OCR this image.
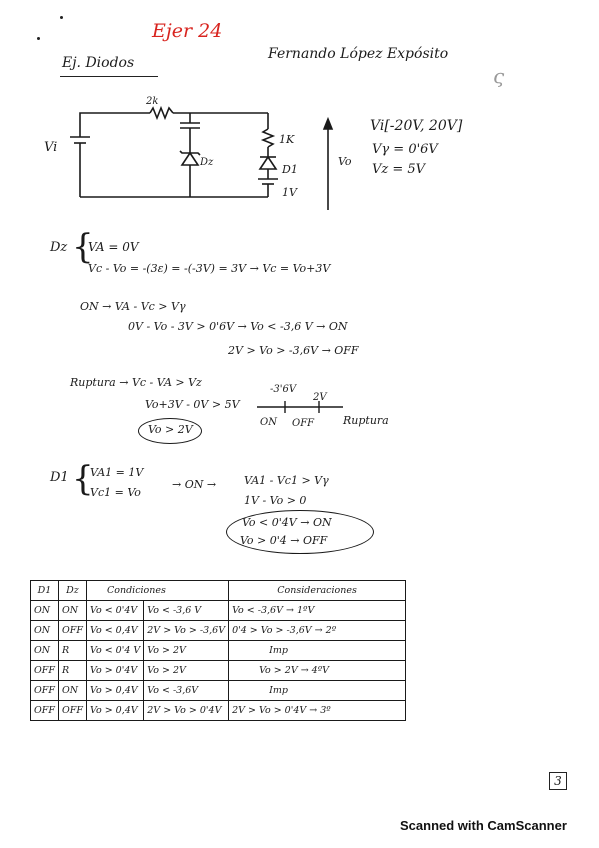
Ejer 24
Ej. Diodos
Fernando López Expósito
ς
2k
Vi
Dz
1K
D1
1V
Vo
Vi[-20V, 20V]
Vγ = 0'6V
Vz = 5V
Dz {
VA = 0V
Vc - Vo = -(3ε) = -(-3V) = 3V → Vc = Vo+3V
ON → VA - Vc > Vγ
0V - Vo - 3V > 0'6V → Vo < -3,6 V → ON
2V > Vo > -3,6V → OFF
Ruptura → Vc - VA > Vz
Vo+3V - 0V > 5V
Vo > 2V
-3'6V
2V
ON OFF	Ruptura
D1 {
VA1 = 1V
Vc1 = Vo
→ ON →	VA1 - Vc1 > Vγ
1V - Vo > 0
Vo < 0'4V → ON
Vo > 0'4 → OFF
D1	Dz	Condiciones		Consideraciones
ON	ON	Vo < 0'4V	Vo < -3,6 V	Vo < -3,6V → 1ºV
ON	OFF	Vo < 0,4V	2V > Vo > -3,6V	0'4 > Vo > -3,6V → 2º
ON	R	Vo < 0'4 V	Vo > 2V	Imp
OFF	R	Vo > 0'4V	Vo > 2V	Vo > 2V → 4ºV
OFF	ON	Vo > 0,4V	Vo < -3,6V	Imp
OFF	OFF	Vo > 0,4V	2V > Vo > 0'4V	2V > Vo > 0'4V → 3º
3
Scanned with CamScanner
